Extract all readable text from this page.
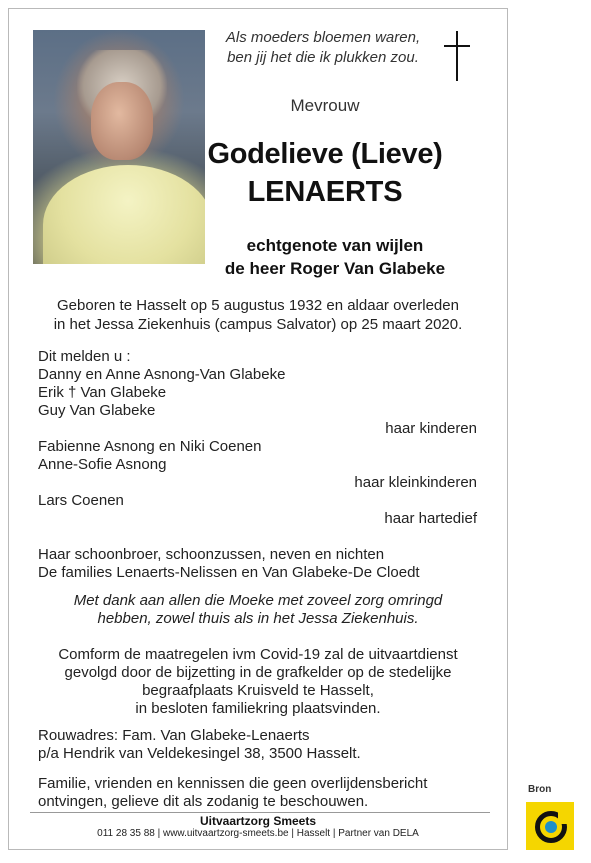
Als moeders bloemen waren,
ben jij het die ik plukken zou.
Mevrouw
Godelieve (Lieve)
LENAERTS
echtgenote van wijlen
de heer Roger Van Glabeke
Geboren te Hasselt op 5 augustus 1932 en aldaar overleden
in het Jessa Ziekenhuis (campus Salvator) op 25 maart 2020.
Dit melden u :
Danny en Anne Asnong-Van Glabeke
Erik † Van Glabeke
Guy Van Glabeke
haar kinderen
Fabienne Asnong en Niki Coenen
Anne-Sofie Asnong
haar kleinkinderen
Lars Coenen
haar hartedief
Haar schoonbroer, schoonzussen, neven en nichten
De families Lenaerts-Nelissen en Van Glabeke-De Cloedt
Met dank aan allen die Moeke met zoveel zorg omringd
hebben, zowel thuis als in het Jessa Ziekenhuis.
Comform de maatregelen ivm Covid-19 zal de uitvaartdienst
gevolgd door de bijzetting in de grafkelder op de stedelijke
begraafplaats Kruisveld te Hasselt,
in besloten familiekring plaatsvinden.
Rouwadres: Fam. Van Glabeke-Lenaerts
p/a Hendrik van Veldekesingel 38, 3500 Hasselt.
Familie, vrienden en kennissen die geen overlijdensbericht
ontvingen, gelieve dit als zodanig te beschouwen.
Uitvaartzorg Smeets
011 28 35 88 | www.uitvaartzorg-smeets.be | Hasselt | Partner van DELA
Bron
